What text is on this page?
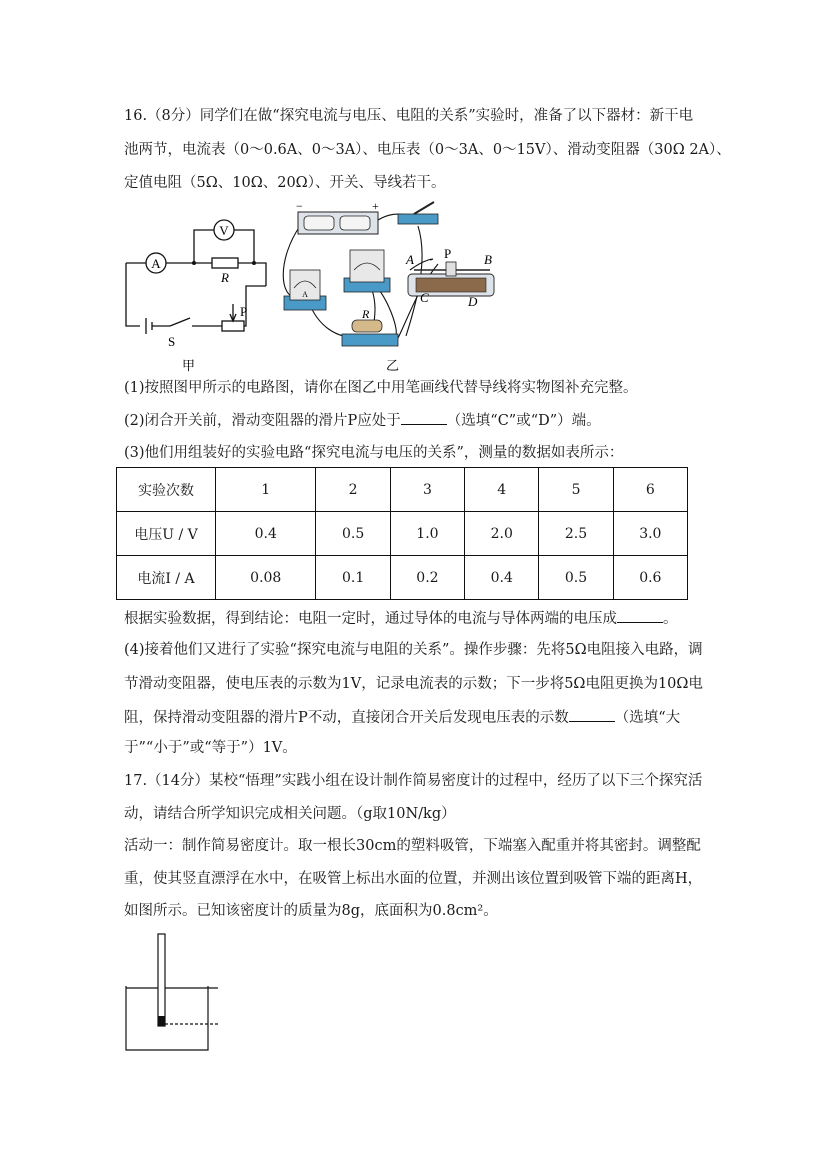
16.（8分）同学们在做“探究电流与电压、电阻的关系”实验时，准备了以下器材：新干电
池两节，电流表（0～0.6A、0～3A）、电压表（0～3A、0～15V）、滑动变阻器（30Ω 2A）、
定值电阻（5Ω、10Ω、20Ω）、开关、导线若干。
A
V
R
P
S
甲
−	+
A
R
A P	B
C	D
乙
(1)按照图甲所示的电路图，请你在图乙中用笔画线代替导线将实物图补充完整。
(2)闭合开关前，滑动变阻器的滑片P应处于	（选填“C”或“D”）端。
(3)他们用组装好的实验电路“探究电流与电压的关系”，测量的数据如表所示：
实验次数	1	2	3	4	5	6
电压U / V	0.4	0.5	1.0	2.0	2.5	3.0
电流I / A	0.08	0.1	0.2	0.4	0.5	0.6
根据实验数据，得到结论：电阻一定时，通过导体的电流与导体两端的电压成	。
(4)接着他们又进行了实验“探究电流与电阻的关系”。操作步骤：先将5Ω电阻接入电路，调
节滑动变阻器，使电压表的示数为1V，记录电流表的示数；下一步将5Ω电阻更换为10Ω电
阻，保持滑动变阻器的滑片P不动，直接闭合开关后发现电压表的示数	（选填“大
于”“小于”或“等于”）1V。
17.（14分）某校“悟理”实践小组在设计制作简易密度计的过程中，经历了以下三个探究活
动，请结合所学知识完成相关问题。（g取10N/kg）
活动一：制作简易密度计。取一根长30cm的塑料吸管，下端塞入配重并将其密封。调整配
重，使其竖直漂浮在水中，在吸管上标出水面的位置，并测出该位置到吸管下端的距离H，
如图所示。已知该密度计的质量为8g，底面积为0.8cm²。
